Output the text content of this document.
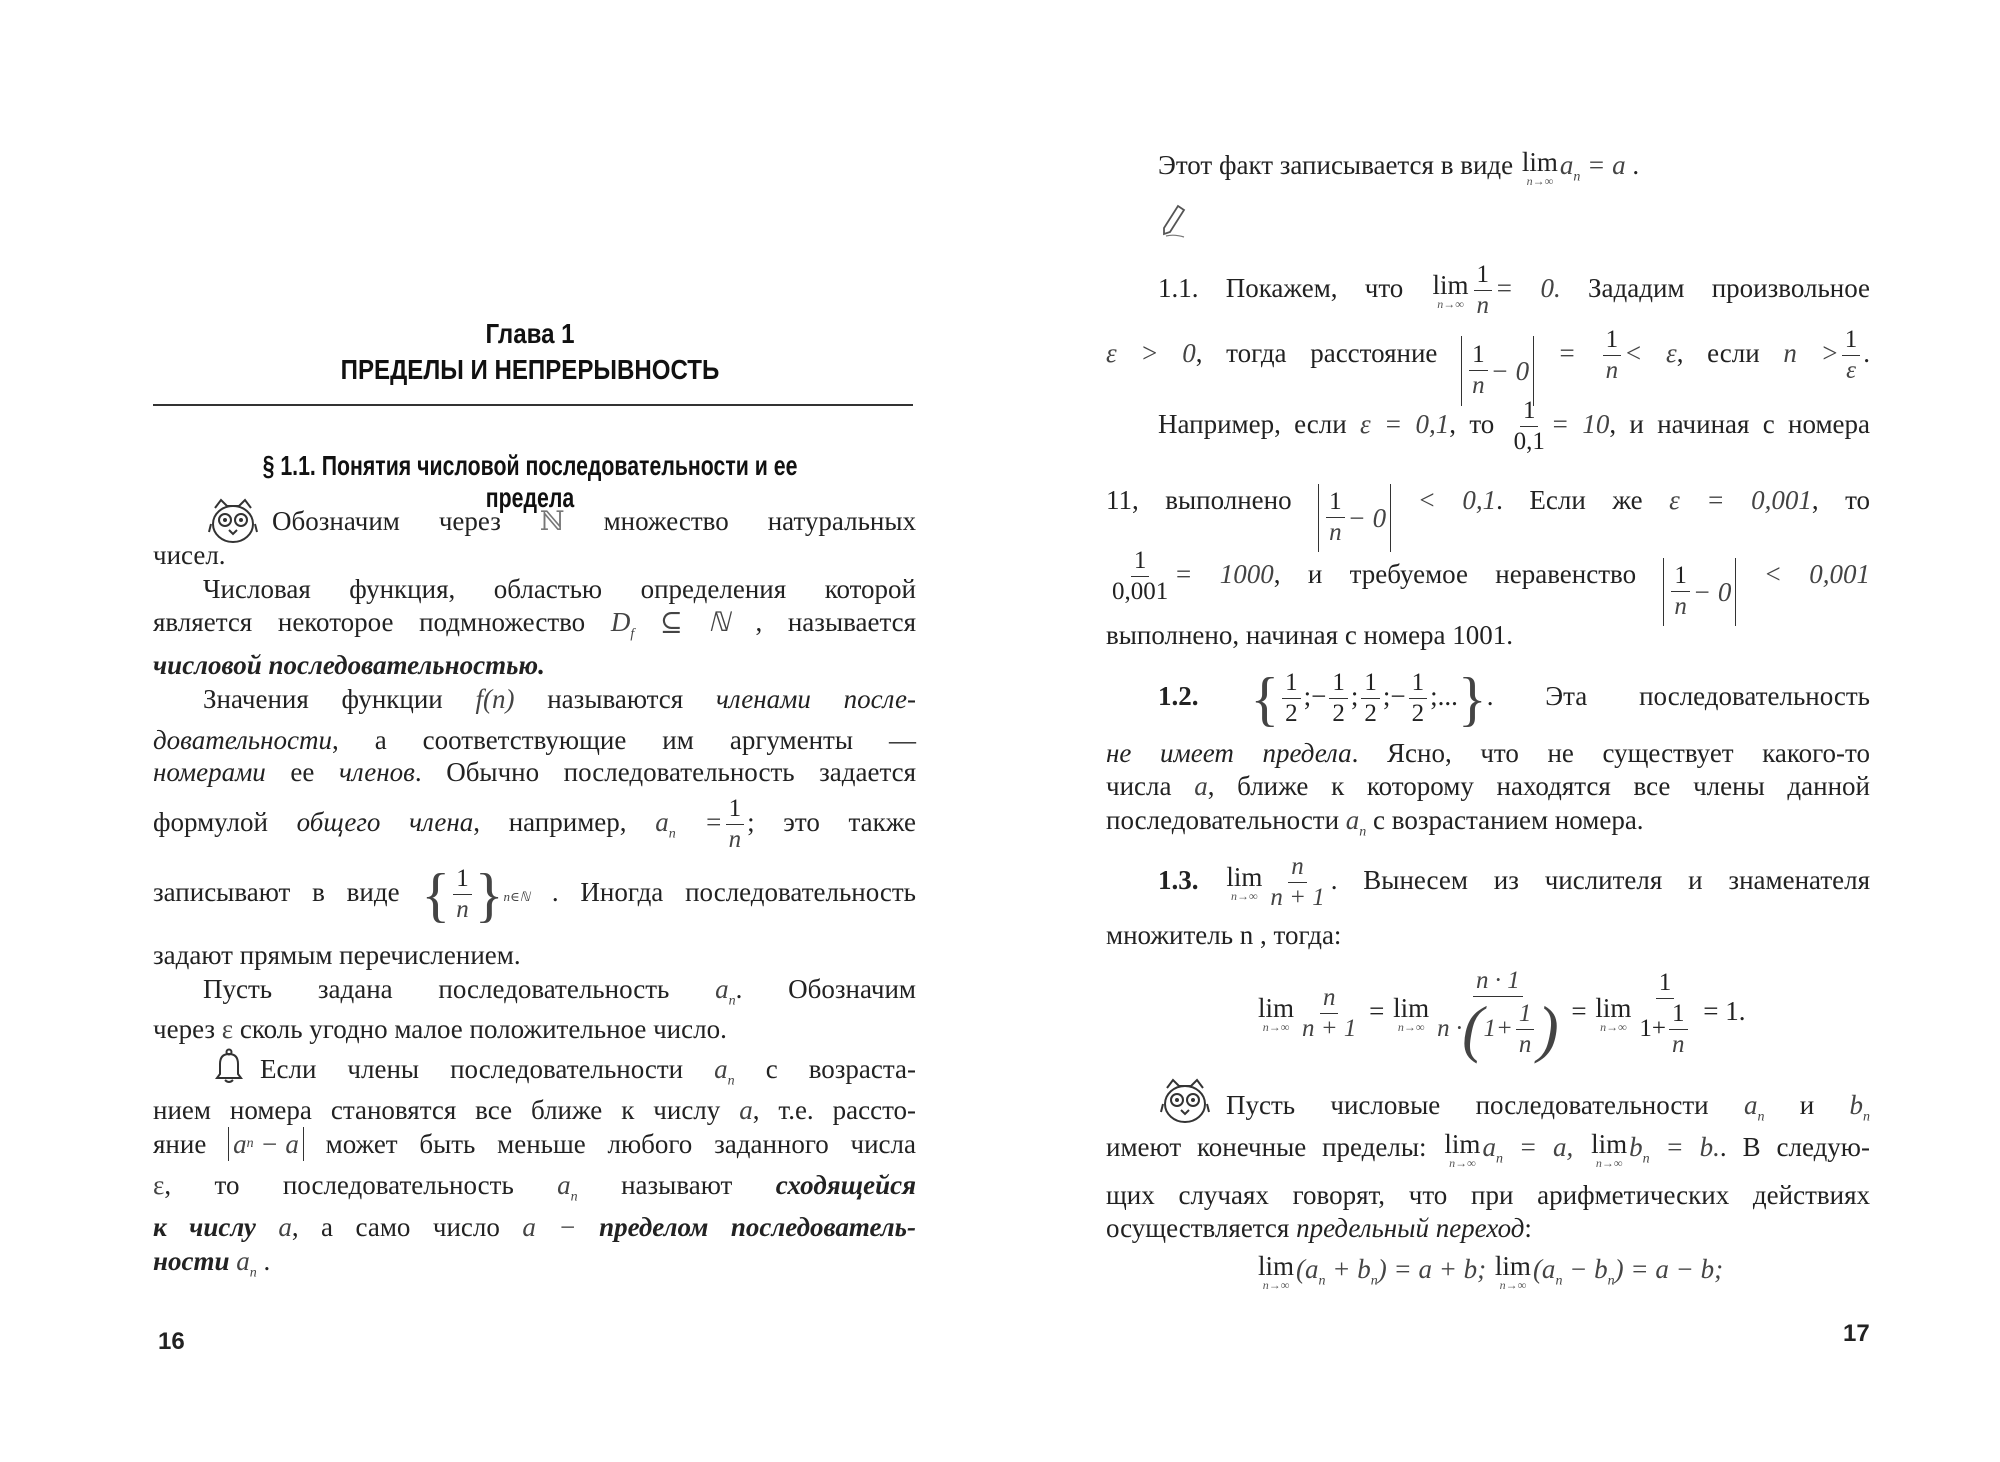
Глава 1
ПРЕДЕЛЫ И НЕПРЕРЫВНОСТЬ
§ 1.1. Понятия числовой последовательности и ее предела
Обозначим через ℕ множество натуральных
чисел.
Числовая функция, областью определения которой
является некоторое подмножество $D_f$ ⊆ ℕ , называется
числовой последовательностью.
Значения функции f(n) называются членами после-
довательности, а соответствующие им аргументы —
номерами ее членов. Обычно последовательность задается
формулой общего члена, например, $a_n = \frac{1}{n}$ ; это также
записывают в виде { $\frac{1}{n}$ }n∈ℕ . Иногда последовательность
задают прямым перечислением.
Пусть задана последовательность $a_n$. Обозначим
через ε сколь угодно малое положительное число.
Если члены последовательности $a_n$ с возраста-
нием номера становятся все ближе к числу a, т.е. рассто-
яние a n − a может быть меньше любого заданного числа
ε, то последовательность $a_n$ называют сходящейся
к числу a, а само число a − пределом последователь-
ности $a_n$ .
16
Этот факт записывается в виде lim
n→∞
$a_n = a$ .
1.1. Покажем, что lim
$n\to\infty \frac{1}{n} = 0$. Зададим произвольное
ε > 0, тогда расстояние $\frac{1}{n} - 0$
= $\frac{1}{n} < \varepsilon$, если $n > \frac{1}{\varepsilon}$ .
Например, если ε = 0,1, то $\frac{1}{0,1} = 10$, и начиная с номера
11, выполнено $\frac{1}{n} - 0$
< 0,1. Если же ε = 0,001, то
$\frac{1}{0,001} = 1000$, и требуемое неравенство $\frac{1}{n} - 0$
< 0,001
выполнено, начиная с номера 1001.
1.2. { $\frac{1}{2}$ ;− $\frac{1}{2}$ ; $\frac{1}{2}$ ;− $\frac{1}{2}$ ;...}. Эта последовательность
не имеет предела. Ясно, что не существует какого-то
числа a, ближе к которому находятся все члены данной
последовательности $a_n$ с возрастанием номера.
1.3. lim
$n\to\infty \frac{n}{n + 1}$ . Вынесем из числителя и знаменателя
множитель n , тогда:
lim
$n\to\infty \frac{n}{n + 1} = \lim$
$n\to\infty \frac{n \cdot 1}{n \cdot ( 1+ \frac{1}{n} )} = \lim$
$n\to\infty \frac{1}{1+ \frac{1}{n}} = 1$.
Пусть числовые последовательности $a_n$ и $b_n$
имеют конечные пределы: lim
n→∞
$a_n = a$, lim
n→∞
$b_n = b$.. В следую-
щих случаях говорят, что при арифметических действиях
осуществляется предельный переход:
lim
n→∞
$(a_n + b_n) = a + b$; lim
n→∞
$(a_n - b_n) = a - b$;
17
